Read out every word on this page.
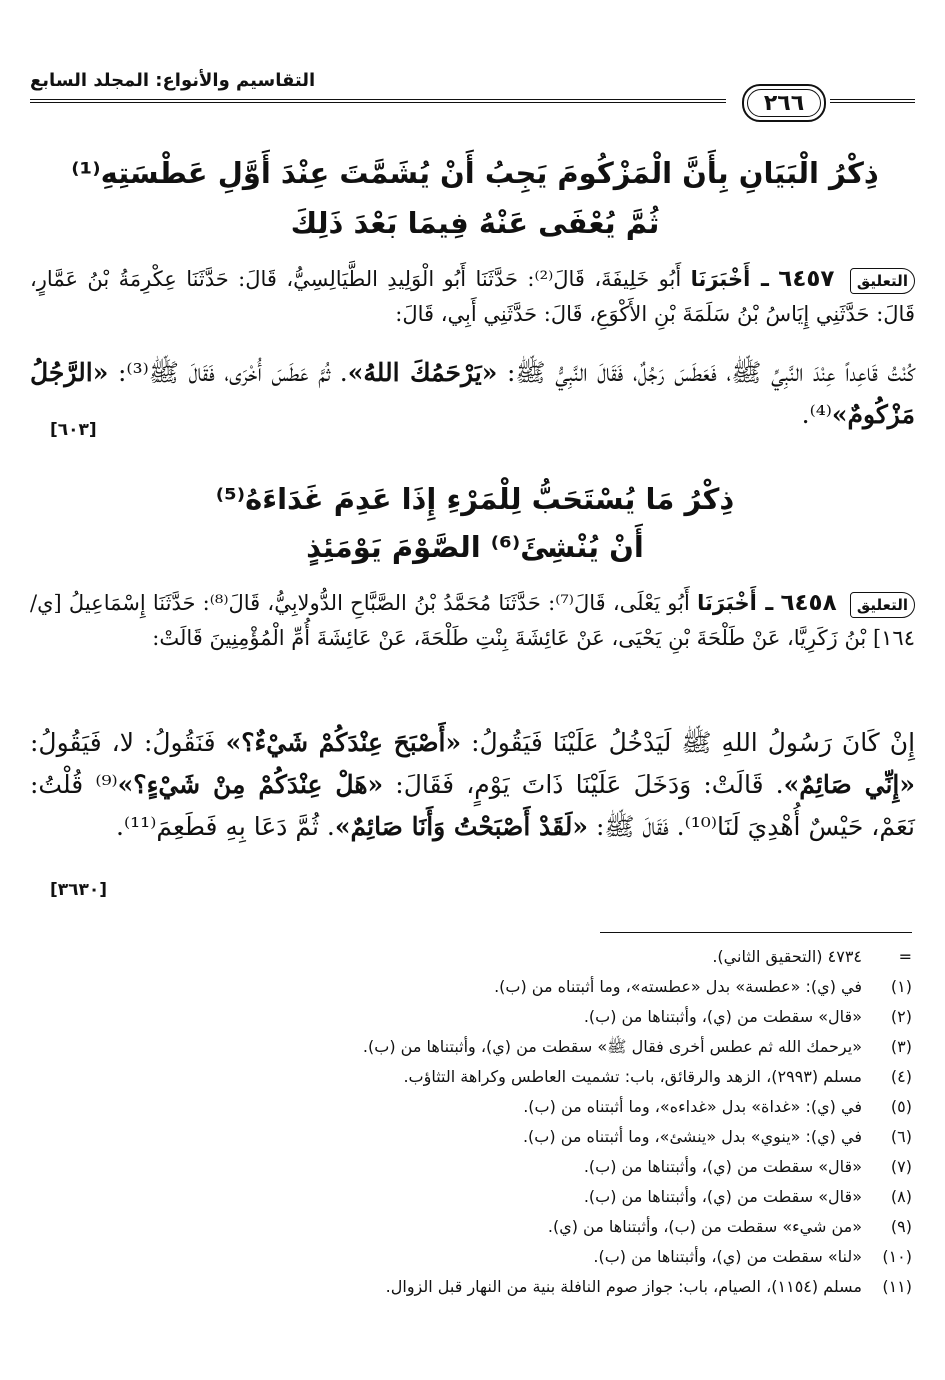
التقاسيم والأنواع: المجلد السابع
٢٦٦
ذِكْرُ الْبَيَانِ بِأَنَّ الْمَزْكُومَ يَجِبُ أَنْ يُشَمَّتَ عِنْدَ أَوَّلِ عَطْسَتِهِ⁽¹⁾
ثُمَّ يُعْفَى عَنْهُ فِيمَا بَعْدَ ذَلِكَ
التعليق ٦٤٥٧ ـ أَخْبَرَنَا أَبُو خَلِيفَةَ، قَالَ⁽²⁾: حَدَّثَنَا أَبُو الْوَلِيدِ الطَّيَالِسِيُّ، قَالَ: حَدَّثَنَا عِكْرِمَةُ بْنُ عَمَّارٍ، قَالَ: حَدَّثَنِي إِيَاسُ بْنُ سَلَمَةَ بْنِ الأَكْوَعِ، قَالَ: حَدَّثَنِي أَبِي، قَالَ:
كُنْتُ قَاعِداً عِنْدَ النَّبِيِّ ﷺ، فَعَطَسَ رَجُلٌ، فَقَالَ النَّبِيُّ ﷺ: «يَرْحَمُكَ اللهُ». ثُمَّ عَطَسَ أُخْرَى، فَقَالَ ﷺ⁽³⁾: «الرَّجُلُ مَزْكُومٌ»⁽⁴⁾.
[٦٠٣]
ذِكْرُ مَا يُسْتَحَبُّ لِلْمَرْءِ إِذَا عَدِمَ غَدَاءَهُ⁽⁵⁾
أَنْ يُنْشِئَ⁽⁶⁾ الصَّوْمَ يَوْمَئِذٍ
التعليق ٦٤٥٨ ـ أَخْبَرَنَا أَبُو يَعْلَى، قَالَ⁽⁷⁾: حَدَّثَنَا مُحَمَّدُ بْنُ الصَّبَّاحِ الدُّولابِيُّ، قَالَ⁽⁸⁾: حَدَّثَنَا إِسْمَاعِيلُ [ي/١٦٤] بْنُ زَكَرِيَّا، عَنْ طَلْحَةَ بْنِ يَحْيَى، عَنْ عَائِشَةَ بِنْتِ طَلْحَةَ، عَنْ عَائِشَةَ أُمِّ الْمُؤْمِنِينَ قَالَتْ:
إِنْ كَانَ رَسُولُ اللهِ ﷺ لَيَدْخُلُ عَلَيْنَا فَيَقُولُ: «أَصْبَحَ عِنْدَكُمْ شَيْءٌ؟» فَنَقُولُ: لا، فَيَقُولُ: «إِنِّي صَائِمٌ». قَالَتْ: وَدَخَلَ عَلَيْنَا ذَاتَ يَوْمٍ، فَقَالَ: «هَلْ عِنْدَكُمْ مِنْ شَيْءٍ؟»⁽⁹⁾ قُلْتُ: نَعَمْ، حَيْسٌ أُهْدِيَ لَنَا⁽¹⁰⁾. فَقَالَ ﷺ: «لَقَدْ أَصْبَحْتُ وَأَنَا صَائِمٌ». ثُمَّ دَعَا بِهِ فَطَعِمَ⁽¹¹⁾.
[٣٦٣٠]
=٤٧٣٤ (التحقيق الثاني).
(١)في (ي): «عطسة» بدل «عطسته»، وما أثبتناه من (ب).
(٢)«قال» سقطت من (ي)، وأثبتناها من (ب).
(٣)«يرحمك الله ثم عطس أخرى فقال ﷺ» سقطت من (ي)، وأثبتناها من (ب).
(٤)مسلم (٢٩٩٣)، الزهد والرقائق، باب: تشميت العاطس وكراهة التثاؤب.
(٥)في (ي): «غداة» بدل «غداءه»، وما أثبتناه من (ب).
(٦)في (ي): «ينوي» بدل «ينشئ»، وما أثبتناه من (ب).
(٧)«قال» سقطت من (ي)، وأثبتناها من (ب).
(٨)«قال» سقطت من (ي)، وأثبتناها من (ب).
(٩)«من شيء» سقطت من (ب)، وأثبتناها من (ي).
(١٠)«لنا» سقطت من (ي)، وأثبتناها من (ب).
(١١)مسلم (١١٥٤)، الصيام، باب: جواز صوم النافلة بنية من النهار قبل الزوال.
